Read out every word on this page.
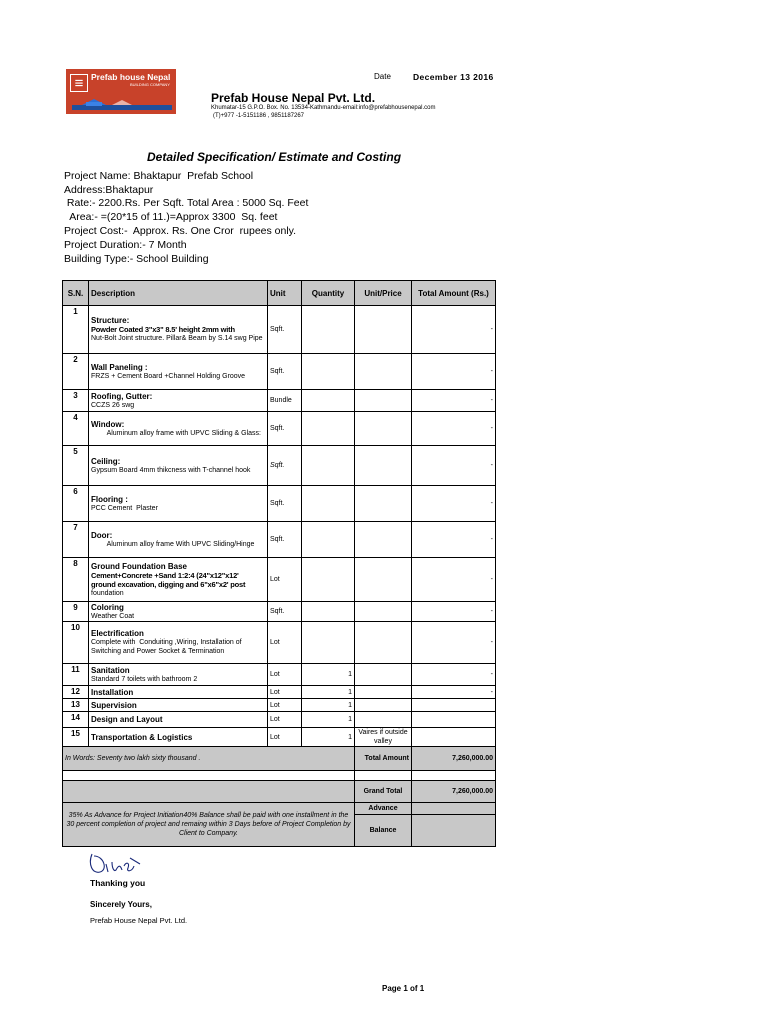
≡ Prefab house Nepal
BUILDING COMPANY
Date	December 13 2016
Prefab House Nepal Pvt. Ltd.
Khumatar-15 G.P.O. Box. No. 13534-Kathmandu-email:info@prefabhousenepal.com
(T)+977 -1-5151186 , 9851187267
Detailed Specification/ Estimate and Costing
Project Name: Bhaktapur  Prefab School
Address:Bhaktapur
Rate:- 2200.Rs. Per Sqft. Total Area : 5000 Sq. Feet
Area:- =(20*15 of 11.)=Approx 3300  Sq. feet
Project Cost:-  Approx. Rs. One Cror  rupees only.
Project Duration:- 7 Month
Building Type:- School Building
S.N.	Description	Unit	Quantity	Unit/Price	Total Amount (Rs.)
1	Structure:
Powder Coated 3"x3" 8.5' height 2mm with
Nut-Bolt Joint structure. Pillar& Beam by S.14 swg Pipe	Sqft.			-
2	Wall Paneling :
FRZS + Cement Board +Channel Holding Groove	Sqft.			-
3	Roofing, Gutter:
CCZS 26 swg	Bundle			-
4	Window:
Aluminum alloy frame with UPVC Sliding & Glass:	Sqft.			-
5	Ceiling:
Gypsum Board 4mm thikcness with T-channel hook	Sqft.			-
6	Flooring :
PCC Cement  Plaster	Sqft.			-
7	Door:
Aluminum alloy frame With UPVC Sliding/Hinge	Sqft.			-
8	Ground Foundation Base
Cement+Concrete +Sand 1:2:4 (24"x12"x12' ground excavation, digging and 6"x6"x2' post
foundation	Lot			-
9	Coloring
Weather Coat	Sqft.			-
10	Electrification
Complete with  Conduiting ,Wiring, Installation of Switching and Power Socket & Termination	Lot			-
11	Sanitation
Standard 7 toilets with bathroom 2	Lot	1		-
12	Installation	Lot	1		-
13	Supervision	Lot	1		
14	Design and Layout	Lot	1		
15	Transportation & Logistics	Lot	1	Vaires if outside valley	
In Words: Seventy two lakh sixty thousand .				Total Amount	7,260,000.00

				Grand Total	7,260,000.00
35% As Advance for Project Initiation40% Balance shall be paid with one installment in the 30 percent completion of project and remaing within 3 Days before of Project Completion by Client to Company.				Advance	
				Balance	
Thanking you
Sincerely Yours,
Prefab House Nepal Pvt. Ltd.
Page 1 of 1
